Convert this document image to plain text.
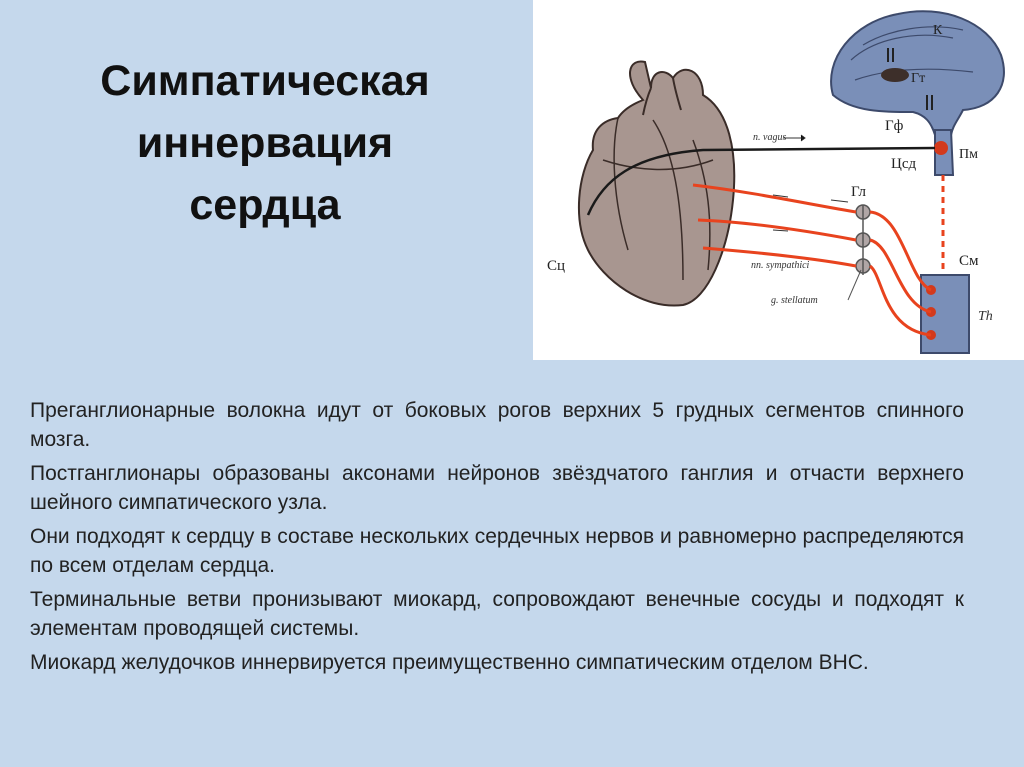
Симпатическая
иннервация
сердца
К
Гт
Гф
Пм
Цсд
Гл
См
Сц
Th
n. vagus
nn. sympathici
g. stellatum

Преганглионарные волокна идут от боковых рогов верхних 5 грудных сегментов спинного мозга.

Постганглионары образованы аксонами нейронов звёздчатого ганглия и отчасти верхнего шейного симпатического узла.

Они подходят к сердцу в составе нескольких сердечных нервов и равномерно распределяются по всем отделам сердца.

Терминальные ветви пронизывают миокард, сопровождают венечные сосуды и подходят к элементам проводящей системы.

Миокард желудочков иннервируется преимущественно симпатическим отделом ВНС.
